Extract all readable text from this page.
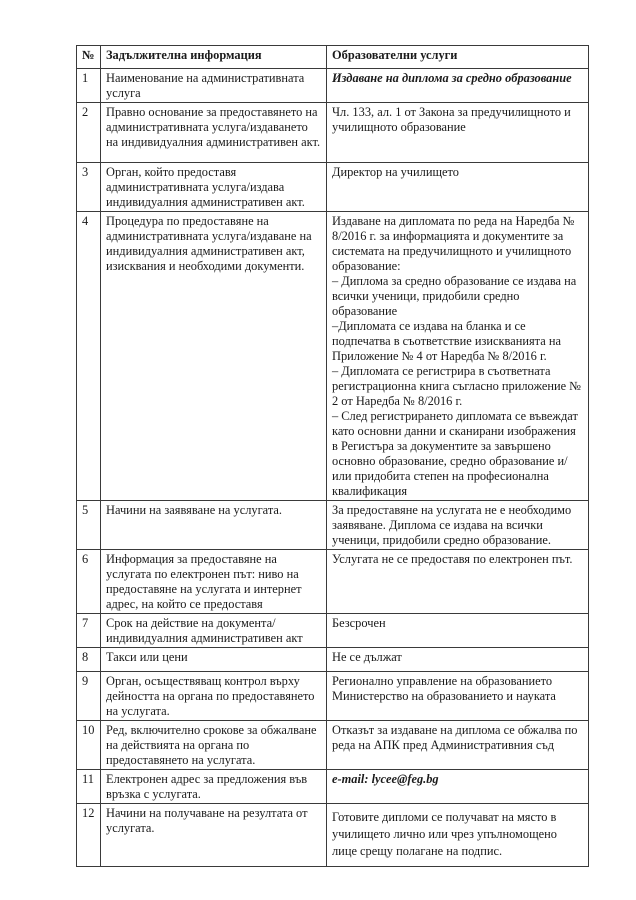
№	Задължителна информация	Образователни услуги
1	Наименование на административната услуга	Издаване на диплома за средно образование

2	Правно основание за предоставянето на административната услуга/издаването на индивидуалния административен акт.	Чл. 133, ал. 1 от Закона за предучилищното и училищното образование

3	Орган, който предоставя административната услуга/издава индивидуалния административен акт.	Директор на училището

4	Процедура по предоставяне на административната услуга/издаване на индивидуалния административен акт, изисквания и необходими документи.	Издаване на дипломата по реда на Наредба № 8/2016 г. за информацията и документите за системата на предучилищното и училищното образование:
– Диплома за средно образование се издава на всички ученици, придобили средно образование
–Дипломата се издава на бланка и се подпечатва в съответствие изискванията на Приложение № 4 от Наредба № 8/2016 г.
– Дипломата се регистрира в съответната регистрационна книга съгласно приложение № 2 от Наредба № 8/2016 г.
– След регистрирането дипломата се въвеждат като основни данни и сканирани изображения в Регистъра за документите за завършено основно образование, средно образование и/или придобита степен на професионална квалификация

5	Начини на заявяване на услугата.	За предоставяне на услугата не е необходимо заявяване. Диплома се издава на всички ученици, придобили средно образование.

6	Информация за предоставяне на услугата по електронен път: ниво на предоставяне на услугата и интернет адрес, на който се предоставя	Услугата не се предоставя по електронен път.

7	Срок на действие на документа/ индивидуалния административен акт	Безсрочен

8	Такси или цени	Не се дължат

9	Орган, осъществяващ контрол върху дейността на органа по предоставянето на услугата.	Регионално управление на образованието
Министерство на образованието и науката

10	Ред, включително срокове за обжалване на действията на органа по предоставянето на услугата.	Отказът за издаване на диплома се обжалва по реда на АПК пред Административния съд

11	Електронен адрес за предложения във връзка с услугата.	e-mail: lycee@feg.bg

12	Начини на получаване на резултата от услугата.	Готовите дипломи се получават на място в училището лично или чрез упълномощено лице срещу полагане на подпис.
